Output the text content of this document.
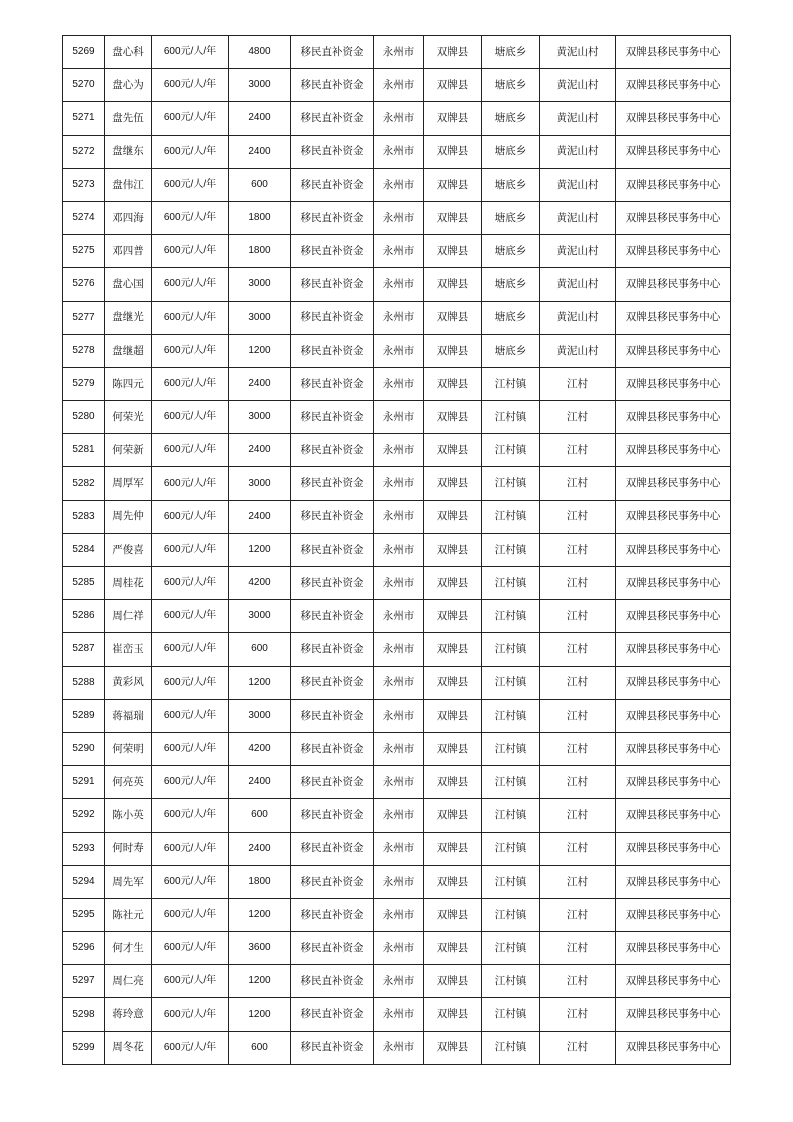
5269	盘心科	600元/人/年	4800	移民直补资金	永州市	双牌县	塘底乡	黄泥山村	双牌县移民事务中心
5270	盘心为	600元/人/年	3000	移民直补资金	永州市	双牌县	塘底乡	黄泥山村	双牌县移民事务中心
5271	盘先伍	600元/人/年	2400	移民直补资金	永州市	双牌县	塘底乡	黄泥山村	双牌县移民事务中心
5272	盘继东	600元/人/年	2400	移民直补资金	永州市	双牌县	塘底乡	黄泥山村	双牌县移民事务中心
5273	盘伟江	600元/人/年	600	移民直补资金	永州市	双牌县	塘底乡	黄泥山村	双牌县移民事务中心
5274	邓四海	600元/人/年	1800	移民直补资金	永州市	双牌县	塘底乡	黄泥山村	双牌县移民事务中心
5275	邓四普	600元/人/年	1800	移民直补资金	永州市	双牌县	塘底乡	黄泥山村	双牌县移民事务中心
5276	盘心国	600元/人/年	3000	移民直补资金	永州市	双牌县	塘底乡	黄泥山村	双牌县移民事务中心
5277	盘继光	600元/人/年	3000	移民直补资金	永州市	双牌县	塘底乡	黄泥山村	双牌县移民事务中心
5278	盘继超	600元/人/年	1200	移民直补资金	永州市	双牌县	塘底乡	黄泥山村	双牌县移民事务中心
5279	陈四元	600元/人/年	2400	移民直补资金	永州市	双牌县	江村镇	江村	双牌县移民事务中心
5280	何荣光	600元/人/年	3000	移民直补资金	永州市	双牌县	江村镇	江村	双牌县移民事务中心
5281	何荣新	600元/人/年	2400	移民直补资金	永州市	双牌县	江村镇	江村	双牌县移民事务中心
5282	周厚军	600元/人/年	3000	移民直补资金	永州市	双牌县	江村镇	江村	双牌县移民事务中心
5283	周先仲	600元/人/年	2400	移民直补资金	永州市	双牌县	江村镇	江村	双牌县移民事务中心
5284	严俊喜	600元/人/年	1200	移民直补资金	永州市	双牌县	江村镇	江村	双牌县移民事务中心
5285	周桂花	600元/人/年	4200	移民直补资金	永州市	双牌县	江村镇	江村	双牌县移民事务中心
5286	周仁祥	600元/人/年	3000	移民直补资金	永州市	双牌县	江村镇	江村	双牌县移民事务中心
5287	崔峦玉	600元/人/年	600	移民直补资金	永州市	双牌县	江村镇	江村	双牌县移民事务中心
5288	黄彩风	600元/人/年	1200	移民直补资金	永州市	双牌县	江村镇	江村	双牌县移民事务中心
5289	蒋福瑞	600元/人/年	3000	移民直补资金	永州市	双牌县	江村镇	江村	双牌县移民事务中心
5290	何荣明	600元/人/年	4200	移民直补资金	永州市	双牌县	江村镇	江村	双牌县移民事务中心
5291	何亮英	600元/人/年	2400	移民直补资金	永州市	双牌县	江村镇	江村	双牌县移民事务中心
5292	陈小英	600元/人/年	600	移民直补资金	永州市	双牌县	江村镇	江村	双牌县移民事务中心
5293	何时寿	600元/人/年	2400	移民直补资金	永州市	双牌县	江村镇	江村	双牌县移民事务中心
5294	周先军	600元/人/年	1800	移民直补资金	永州市	双牌县	江村镇	江村	双牌县移民事务中心
5295	陈社元	600元/人/年	1200	移民直补资金	永州市	双牌县	江村镇	江村	双牌县移民事务中心
5296	何才生	600元/人/年	3600	移民直补资金	永州市	双牌县	江村镇	江村	双牌县移民事务中心
5297	周仁亮	600元/人/年	1200	移民直补资金	永州市	双牌县	江村镇	江村	双牌县移民事务中心
5298	蒋玲意	600元/人/年	1200	移民直补资金	永州市	双牌县	江村镇	江村	双牌县移民事务中心
5299	周冬花	600元/人/年	600	移民直补资金	永州市	双牌县	江村镇	江村	双牌县移民事务中心
